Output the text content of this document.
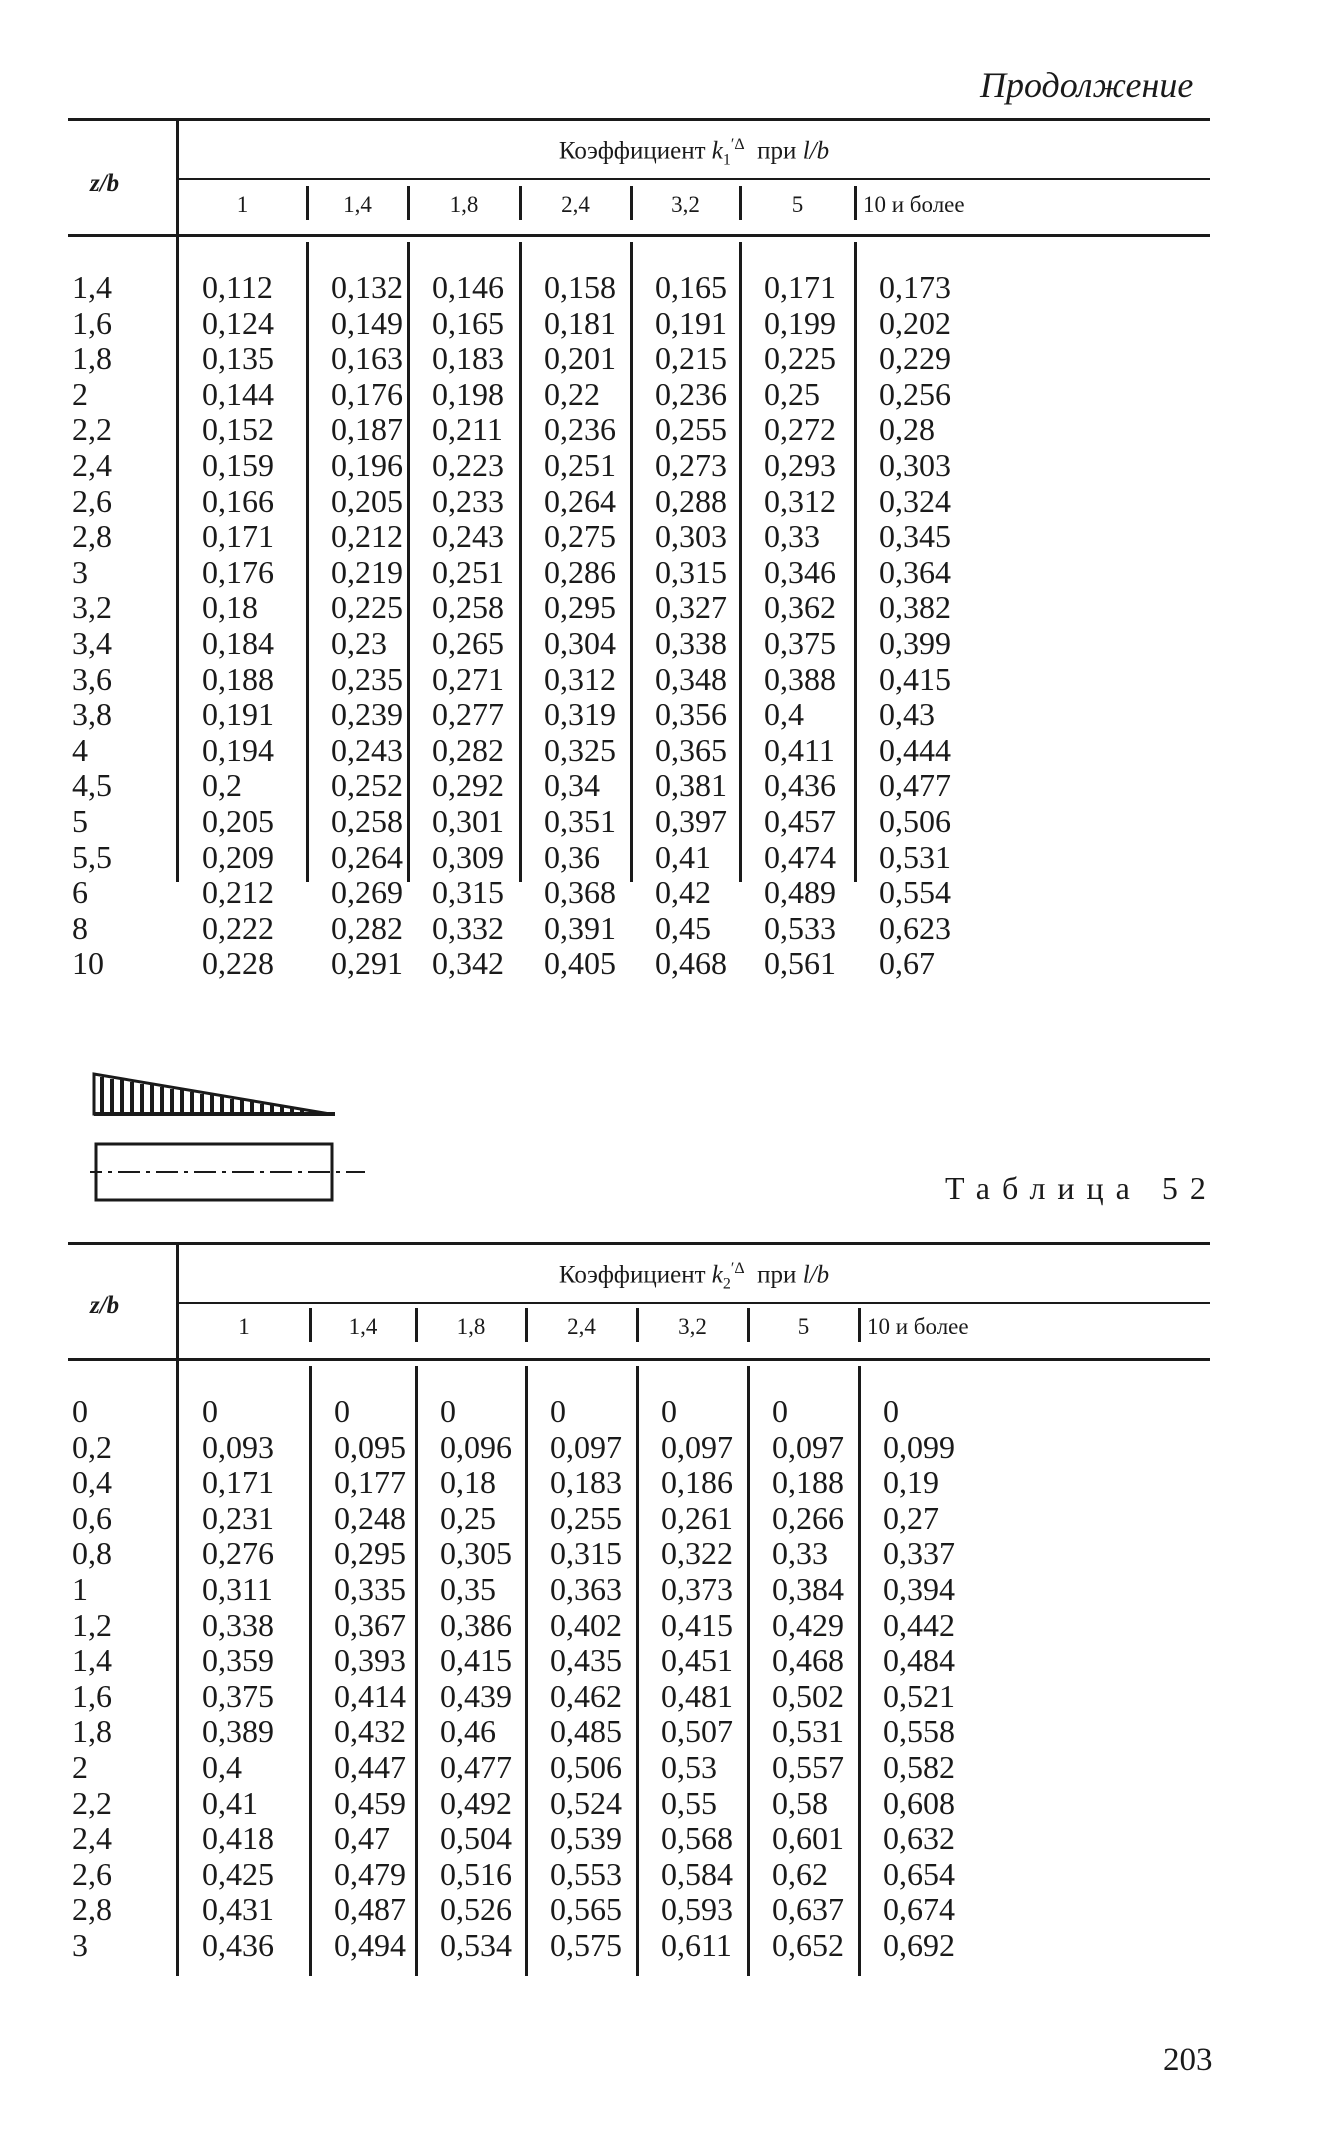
Продолжение
z/b
Коэффициент $k_1^{'\Delta}$ при l/b
1,4
1,6
1,8
2
2,2
2,4
2,6
2,8
3
3,2
3,4
3,6
3,8
4
4,5
5
5,5
6
8
10
1
0,112
0,124
0,135
0,144
0,152
0,159
0,166
0,171
0,176
0,18
0,184
0,188
0,191
0,194
0,2
0,205
0,209
0,212
0,222
0,228
1,4
0,132
0,149
0,163
0,176
0,187
0,196
0,205
0,212
0,219
0,225
0,23
0,235
0,239
0,243
0,252
0,258
0,264
0,269
0,282
0,291
1,8
0,146
0,165
0,183
0,198
0,211
0,223
0,233
0,243
0,251
0,258
0,265
0,271
0,277
0,282
0,292
0,301
0,309
0,315
0,332
0,342
2,4
0,158
0,181
0,201
0,22
0,236
0,251
0,264
0,275
0,286
0,295
0,304
0,312
0,319
0,325
0,34
0,351
0,36
0,368
0,391
0,405
3,2
0,165
0,191
0,215
0,236
0,255
0,273
0,288
0,303
0,315
0,327
0,338
0,348
0,356
0,365
0,381
0,397
0,41
0,42
0,45
0,468
5
0,171
0,199
0,225
0,25
0,272
0,293
0,312
0,33
0,346
0,362
0,375
0,388
0,4
0,411
0,436
0,457
0,474
0,489
0,533
0,561
10 и более
0,173
0,202
0,229
0,256
0,28
0,303
0,324
0,345
0,364
0,382
0,399
0,415
0,43
0,444
0,477
0,506
0,531
0,554
0,623
0,67
Таблица 52
z/b
Коэффициент $k_2^{'\Delta}$ при l/b
0
0,2
0,4
0,6
0,8
1
1,2
1,4
1,6
1,8
2
2,2
2,4
2,6
2,8
3
1
0
0,093
0,171
0,231
0,276
0,311
0,338
0,359
0,375
0,389
0,4
0,41
0,418
0,425
0,431
0,436
1,4
0
0,095
0,177
0,248
0,295
0,335
0,367
0,393
0,414
0,432
0,447
0,459
0,47
0,479
0,487
0,494
1,8
0
0,096
0,18
0,25
0,305
0,35
0,386
0,415
0,439
0,46
0,477
0,492
0,504
0,516
0,526
0,534
2,4
0
0,097
0,183
0,255
0,315
0,363
0,402
0,435
0,462
0,485
0,506
0,524
0,539
0,553
0,565
0,575
3,2
0
0,097
0,186
0,261
0,322
0,373
0,415
0,451
0,481
0,507
0,53
0,55
0,568
0,584
0,593
0,611
5
0
0,097
0,188
0,266
0,33
0,384
0,429
0,468
0,502
0,531
0,557
0,58
0,601
0,62
0,637
0,652
10 и более
0
0,099
0,19
0,27
0,337
0,394
0,442
0,484
0,521
0,558
0,582
0,608
0,632
0,654
0,674
0,692
203
